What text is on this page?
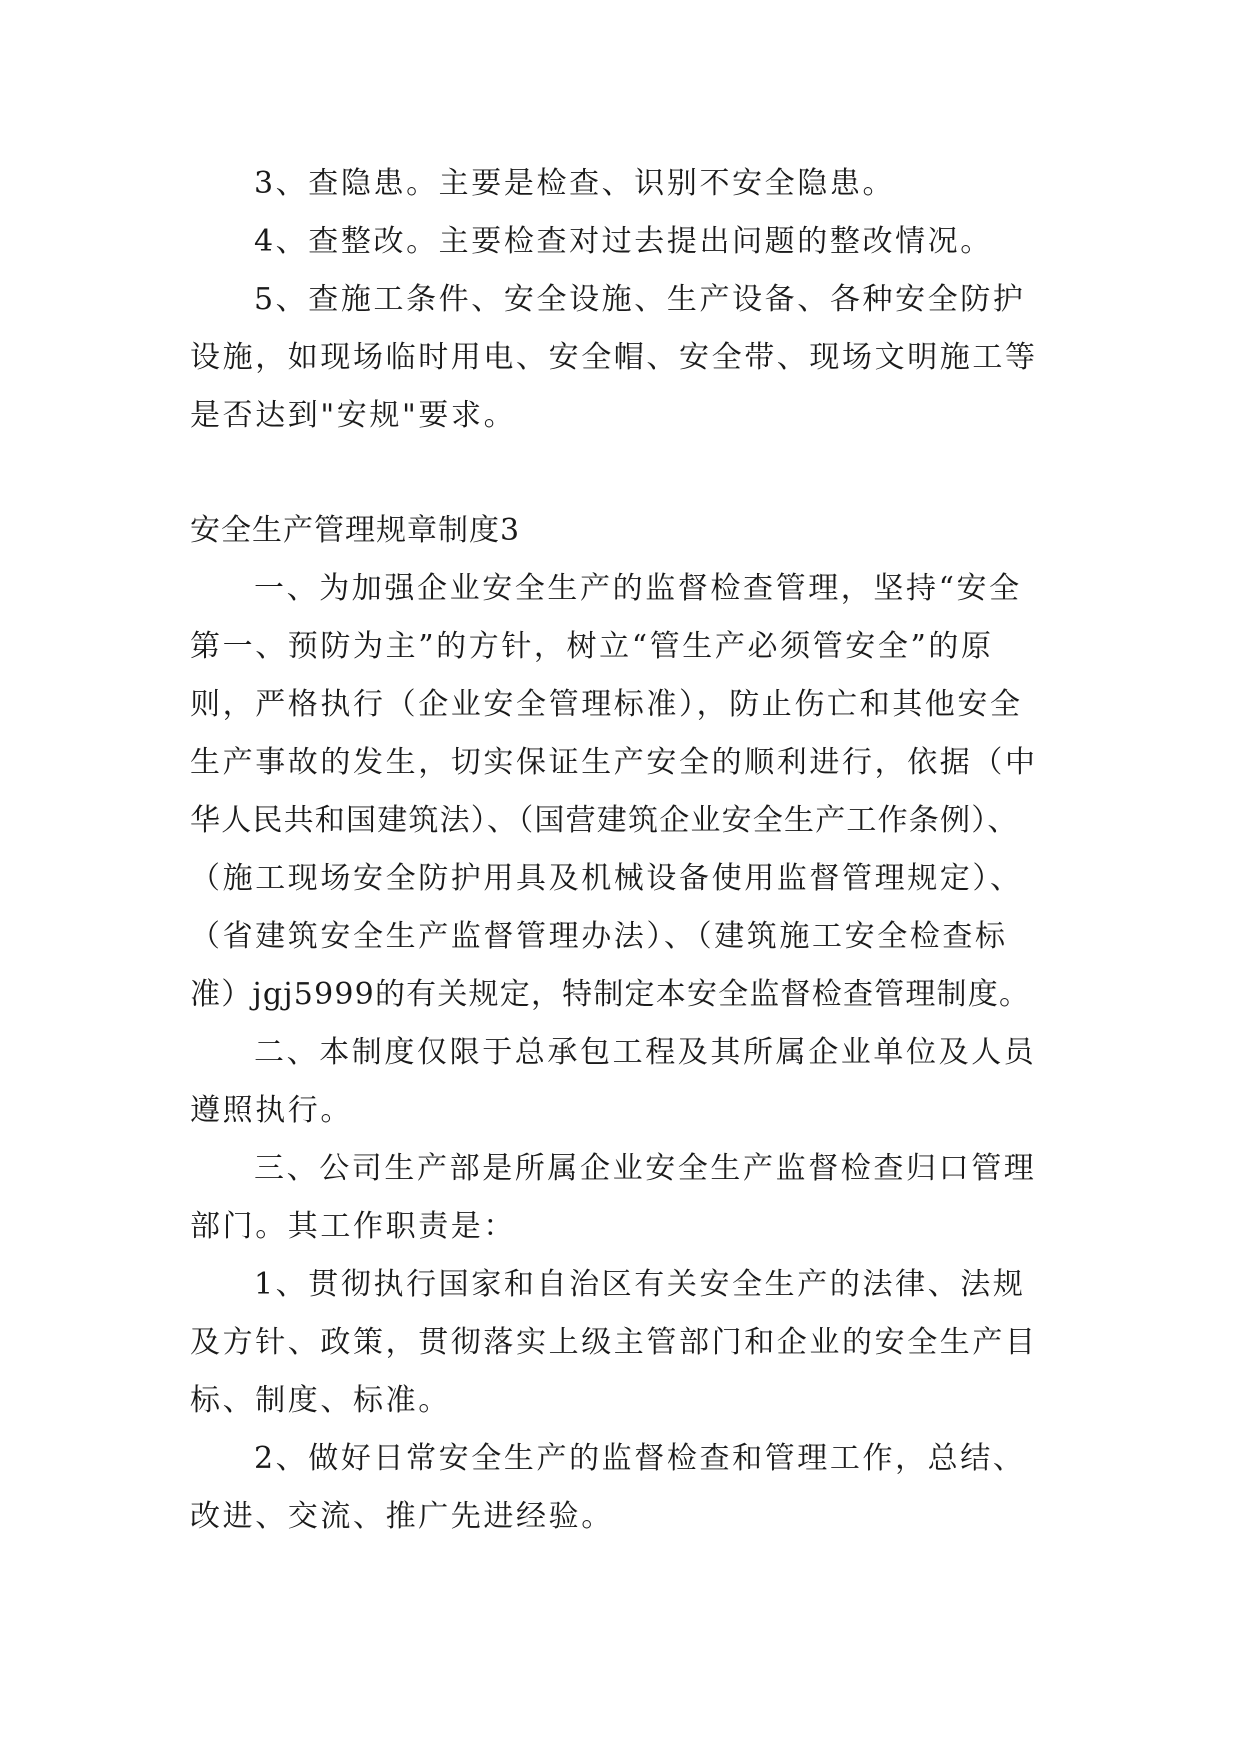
3、查隐患。主要是检查、识别不安全隐患。
4、查整改。主要检查对过去提出问题的整改情况。
5、查施工条件、安全设施、生产设备、各种安全防护
设施，如现场临时用电、安全帽、安全带、现场文明施工等
是否达到"安规"要求。
安全生产管理规章制度3
一、为加强企业安全生产的监督检查管理，坚持“安全
第一、预防为主”的方针，树立“管生产必须管安全”的原
则，严格执行（企业安全管理标准），防止伤亡和其他安全
生产事故的发生，切实保证生产安全的顺利进行，依据（中
华人民共和国建筑法）、（国营建筑企业安全生产工作条例）、
（施工现场安全防护用具及机械设备使用监督管理规定）、
（省建筑安全生产监督管理办法）、（建筑施工安全检查标
准）jgj5999的有关规定，特制定本安全监督检查管理制度。
二、本制度仅限于总承包工程及其所属企业单位及人员
遵照执行。
三、公司生产部是所属企业安全生产监督检查归口管理
部门。其工作职责是：
1、贯彻执行国家和自治区有关安全生产的法律、法规
及方针、政策，贯彻落实上级主管部门和企业的安全生产目
标、制度、标准。
2、做好日常安全生产的监督检查和管理工作，总结、
改进、交流、推广先进经验。
